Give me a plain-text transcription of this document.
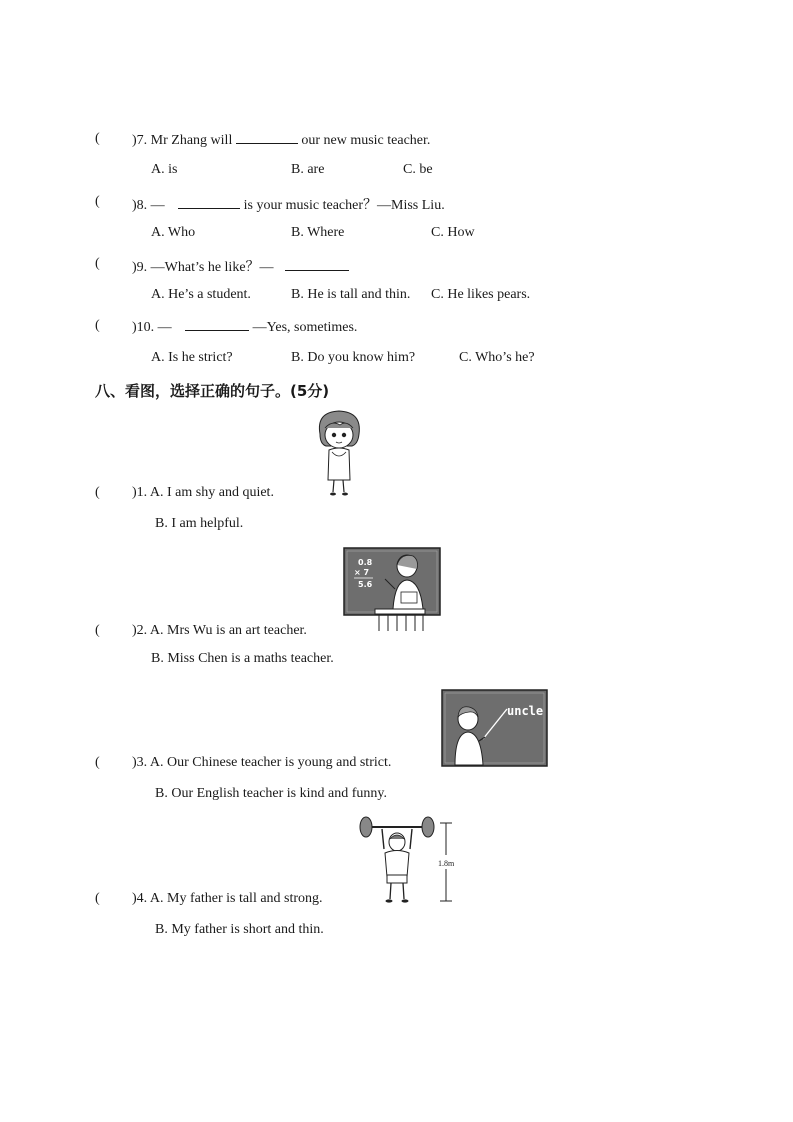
( )7. Mr Zhang will	our new music teacher.
A. is	B. are	C. be
( )8. —	is your music teacher？—Miss Liu.
A. Who	B. Where	C. How
( )9. —What’s he like？—
A. He’s a student.	B. He is tall and thin. C. He likes pears.
( )10. —	—Yes, sometimes.
A. Is he strict?	B. Do you know him?	C. Who’s he?
八、看图，选择正确的句子。(5分)
( )1. A. I am shy and quiet.
B. I am helpful.
0.8
× 7
5.6
( )2. A. Mrs Wu is an art teacher.
B. Miss Chen is a maths teacher.
uncle
( )3. A. Our Chinese teacher is young and strict.
B. Our English teacher is kind and funny.
1.8m
( )4. A. My father is tall and strong.
B. My father is short and thin.
